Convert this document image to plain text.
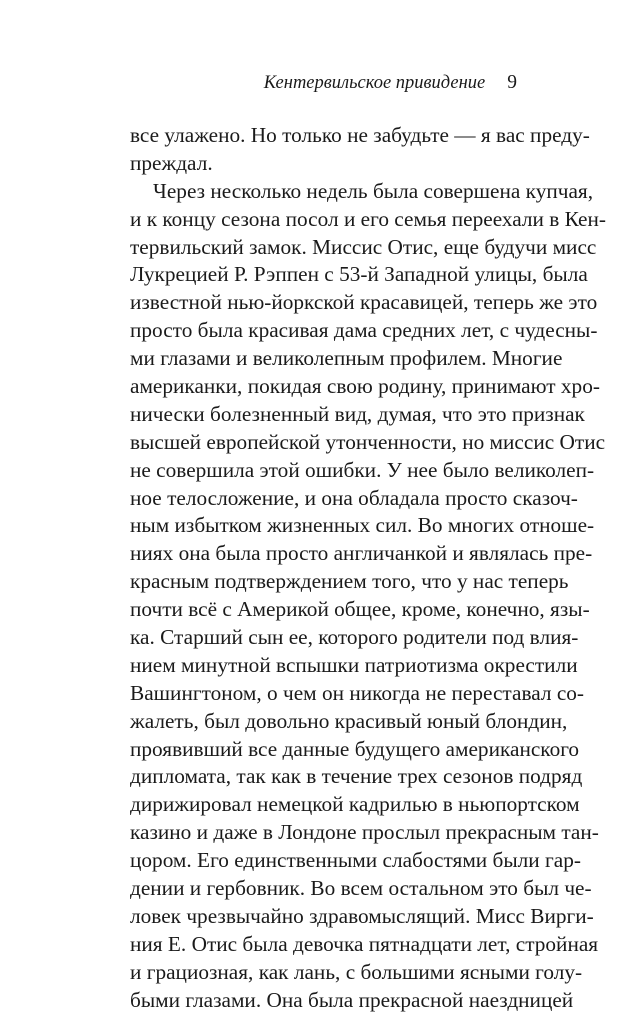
Кентервильское привидение 9
все улажено. Но только не забудьте — я вас преду-
преждал.
Через несколько недель была совершена купчая,
и к концу сезона посол и его семья переехали в Кен-
тервильский замок. Миссис Отис, еще будучи мисс
Лукрецией Р. Рэппен с 53-й Западной улицы, была
известной нью-йоркской красавицей, теперь же это
просто была красивая дама средних лет, с чудесны-
ми глазами и великолепным профилем. Многие
американки, покидая свою родину, принимают хро-
нически болезненный вид, думая, что это признак
высшей европейской утонченности, но миссис Отис
не совершила этой ошибки. У нее было великолеп-
ное телосложение, и она обладала просто сказоч-
ным избытком жизненных сил. Во многих отноше-
ниях она была просто англичанкой и являлась пре-
красным подтверждением того, что у нас теперь
почти всё с Америкой общее, кроме, конечно, язы-
ка. Старший сын ее, которого родители под влия-
нием минутной вспышки патриотизма окрестили
Вашингтоном, о чем он никогда не переставал со-
жалеть, был довольно красивый юный блондин,
проявивший все данные будущего американского
дипломата, так как в течение трех сезонов подряд
дирижировал немецкой кадрилью в ньюпортском
казино и даже в Лондоне прослыл прекрасным тан-
цором. Его единственными слабостями были гар-
дении и гербовник. Во всем остальном это был че-
ловек чрезвычайно здравомыслящий. Мисс Вирги-
ния Е. Отис была девочка пятнадцати лет, стройная
и грациозная, как лань, с большими ясными голу-
быми глазами. Она была прекрасной наездницей
